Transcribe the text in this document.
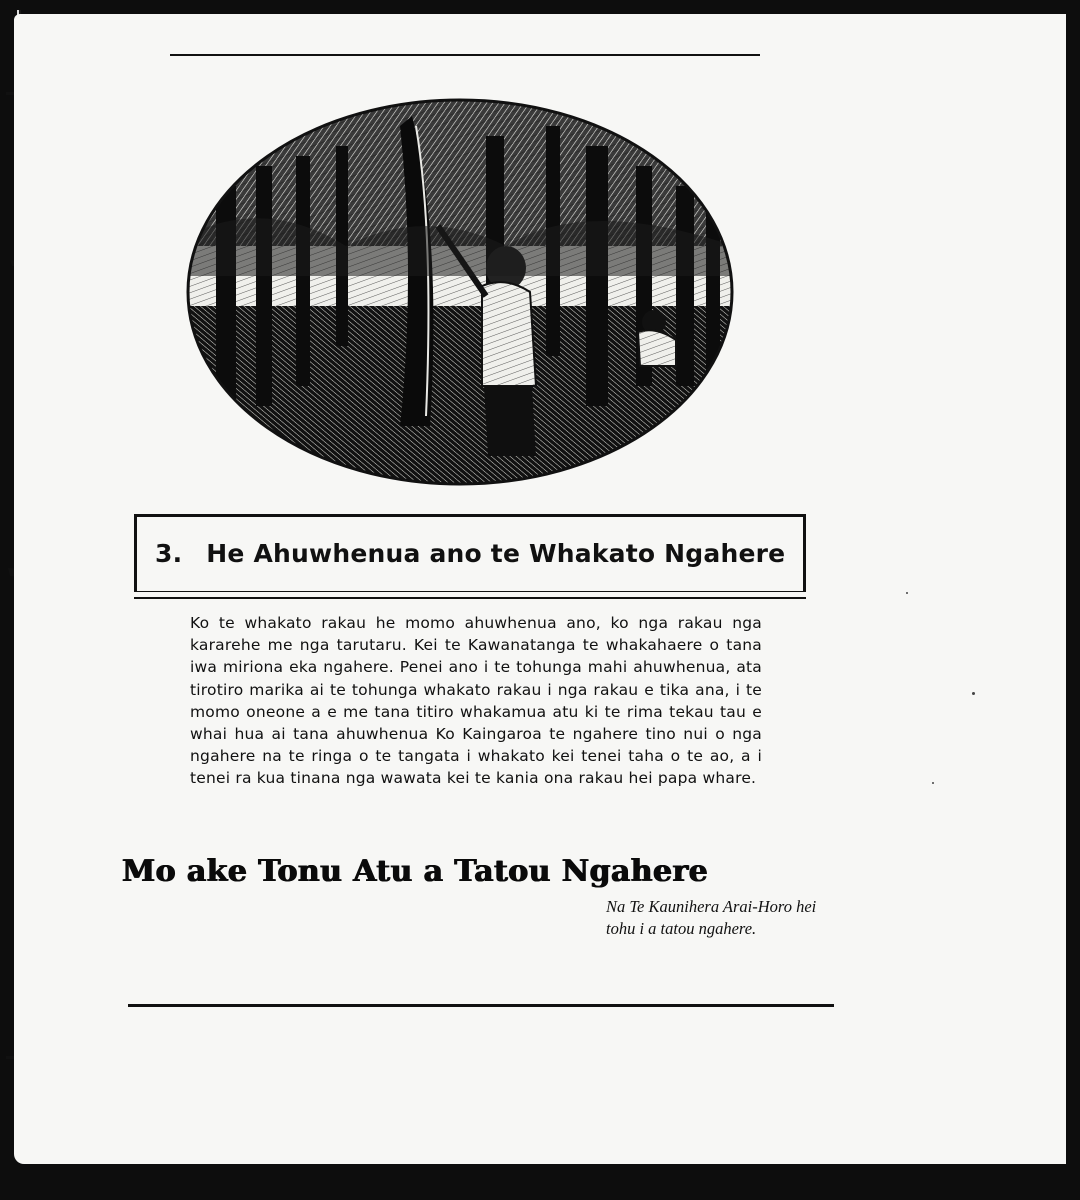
3. He Ahuwhenua ano te Whakato Ngahere
Ko te whakato rakau he momo ahuwhenua ano, ko nga rakau nga kararehe me nga tarutaru. Kei te Kawanatanga te whakahaere o tana iwa miriona eka ngahere. Penei ano i te tohunga mahi ahuwhenua, ata tirotiro marika ai te tohunga whakato rakau i nga rakau e tika ana, i te momo oneone a e me tana titiro whakamua atu ki te rima tekau tau e whai hua ai tana ahuwhenua Ko Kaingaroa te ngahere tino nui o nga ngahere na te ringa o te tangata i whakato kei tenei taha o te ao, a i tenei ra kua tinana nga wawata kei te kania ona rakau hei papa whare.
Mo ake Tonu Atu a Tatou Ngahere
Na Te Kaunihera Arai-Horo hei tohu i a tatou ngahere.
